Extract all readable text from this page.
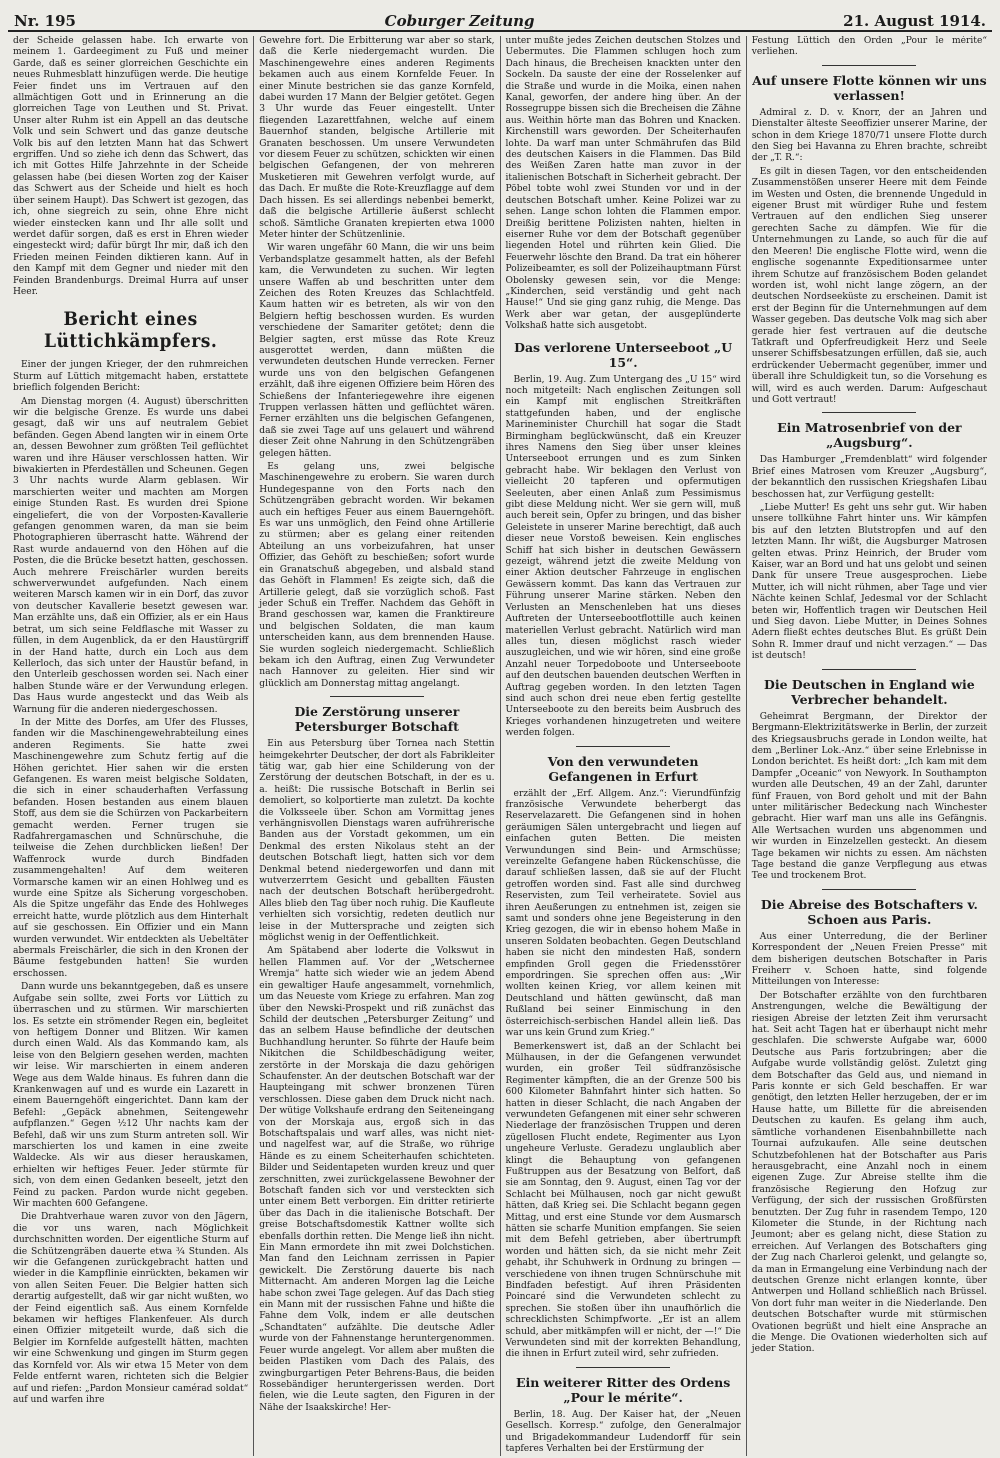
Nr. 195	Coburger Zeitung	21. August 1914.

der Scheide gelassen habe. Ich erwarte von meinem 1. Gardeegiment zu Fuß und meiner Garde, daß es seiner glorreichen Geschichte ein neues Ruhmesblatt hinzufügen werde. Die heutige Feier findet uns im Vertrauen auf den allmächtigen Gott und in Erinnerung an die glorreichen Tage von Leuthen und St. Privat. Unser alter Ruhm ist ein Appell an das deutsche Volk und sein Schwert und das ganze deutsche Volk bis auf den letzten Mann hat das Schwert ergriffen. Und so ziehe ich denn das Schwert, das ich mit Gottes Hilfe Jahrzehnte in der Scheide gelassen habe (bei diesen Worten zog der Kaiser das Schwert aus der Scheide und hielt es hoch über seinem Haupt). Das Schwert ist gezogen, das ich, ohne siegreich zu sein, ohne Ehre nicht wieder einstecken kann und Ihr alle sollt und werdet dafür sorgen, daß es erst in Ehren wieder eingesteckt wird; dafür bürgt Ihr mir, daß ich den Frieden meinen Feinden diktieren kann. Auf in den Kampf mit dem Gegner und nieder mit den Feinden Brandenburgs. Dreimal Hurra auf unser Heer.

Bericht eines Lüttichkämpfers.

Einer der jungen Krieger, der den ruhmreichen Sturm auf Lüttich mitgemacht haben, erstattete brieflich folgenden Bericht:

Am Dienstag morgen (4. August) überschritten wir die belgische Grenze. Es wurde uns dabei gesagt, daß wir uns auf neutralem Gebiet befänden. Gegen Abend langten wir in einem Orte an, dessen Bewohner zum größten Teil geflüchtet waren und ihre Häuser verschlossen hatten. Wir biwakierten in Pferdeställen und Scheunen. Gegen 3 Uhr nachts wurde Alarm geblasen. Wir marschierten weiter und machten am Morgen einige Stunden Rast. Es wurden drei Spione eingeliefert, die von der Vorposten-Kavallerie gefangen genommen waren, da man sie beim Photographieren überrascht hatte. Während der Rast wurde andauernd von den Höhen auf die Posten, die die Brücke besetzt hatten, geschossen. Auch mehrere Freischärler wurden bereits schwerverwundet aufgefunden. Nach einem weiteren Marsch kamen wir in ein Dorf, das zuvor von deutscher Kavallerie besetzt gewesen war. Man erzählte uns, daß ein Offizier, als er ein Haus betrat, um sich seine Feldflasche mit Wasser zu füllen, in dem Augenblick, da er den Haustürgriff in der Hand hatte, durch ein Loch aus dem Kellerloch, das sich unter der Haustür befand, in den Unterleib geschossen worden sei. Nach einer halben Stunde wäre er der Verwundung erlegen. Das Haus wurde angesteckt und das Weib als Warnung für die anderen niedergeschossen.

In der Mitte des Dorfes, am Ufer des Flusses, fanden wir die Maschinengewehrabteilung eines anderen Regiments. Sie hatte zwei Maschinengewehre zum Schutz fertig auf die Höhen gerichtet. Hier sahen wir die ersten Gefangenen. Es waren meist belgische Soldaten, die sich in einer schauderhaften Verfassung befanden. Hosen bestanden aus einem blauen Stoff, aus dem sie die Schürzen von Packarbeitern gemacht werden. Ferner trugen sie Radfahrergamaschen und Schnürschuhe, die teilweise die Zehen durchblicken ließen! Der Waffenrock wurde durch Bindfaden zusammengehalten! Auf dem weiteren Vormarsche kamen wir an einen Hohlweg und es wurde eine Spitze als Sicherung vorgeschoben. Als die Spitze ungefähr das Ende des Hohlweges erreicht hatte, wurde plötzlich aus dem Hinterhalt auf sie geschossen. Ein Offizier und ein Mann wurden verwundet. Wir entdeckten als Uebeltäter abermals Freischärler, die sich in den Kronen der Bäume festgebunden hatten! Sie wurden erschossen.

Dann wurde uns bekanntgegeben, daß es unsere Aufgabe sein sollte, zwei Forts vor Lüttich zu überraschen und zu stürmen. Wir marschierten los. Es setzte ein strömender Regen ein, begleitet von heftigem Donner und Blitzen. Wir kamen durch einen Wald. Als das Kommando kam, als leise von den Belgiern gesehen werden, machten wir leise. Wir marschierten in einem anderen Wege aus dem Walde hinaus. Es fuhren dann die Krankenwagen auf und es wurde ein Lazarett in einem Bauerngehöft eingerichtet. Dann kam der Befehl: „Gepäck abnehmen, Seitengewehr aufpflanzen.“ Gegen ½12 Uhr nachts kam der Befehl, daß wir uns zum Sturm antreten soll. Wir marschierten los und kamen in eine zweite Waldecke. Als wir aus dieser herauskamen, erhielten wir heftiges Feuer. Jeder stürmte für sich, von dem einen Gedanken beseelt, jetzt den Feind zu packen. Pardon wurde nicht gegeben. Wir machten 600 Gefangene.

Die Drahtverhaue waren zuvor von den Jägern, die vor uns waren, nach Möglichkeit durchschnitten worden. Der eigentliche Sturm auf die Schützengräben dauerte etwa ¾ Stunden. Als wir die Gefangenen zurückgebracht hatten und wieder in die Kampflinie einrückten, bekamen wir von allen Seiten Feuer. Die Belgier hatten sich derartig aufgestellt, daß wir gar nicht wußten, wo der Feind eigentlich saß. Aus einem Kornfelde bekamen wir heftiges Flankenfeuer. Als durch einen Offizier mitgeteilt wurde, daß sich die Belgier im Kornfelde aufgestellt hätten, machten wir eine Schwenkung und gingen im Sturm gegen das Kornfeld vor. Als wir etwa 15 Meter von dem Felde entfernt waren, richteten sich die Belgier auf und riefen: „Pardon Monsieur camérad soldat“ auf und warfen ihre

Gewehre fort. Die Erbitterung war aber so stark, daß die Kerle niedergemacht wurden. Die Maschinengewehre eines anderen Regiments bekamen auch aus einem Kornfelde Feuer. In einer Minute bestrichen sie das ganze Kornfeld, dabei wurden 17 Mann der Belgier getötet. Gegen 3 Uhr wurde das Feuer eingestellt. Unter fliegenden Lazarettfahnen, welche auf einem Bauernhof standen, belgische Artillerie mit Granaten beschossen. Um unsere Verwundeten vor diesem Feuer zu schützen, schickten wir einen belgischen Gefangenen, der von mehreren Musketieren mit Gewehren verfolgt wurde, auf das Dach. Er mußte die Rote-Kreuzflagge auf dem Dach hissen. Es sei allerdings nebenbei bemerkt, daß die belgische Artillerie äußerst schlecht schoß. Sämtliche Granaten krepierten etwa 1000 Meter hinter der Schützenlinie.

Wir waren ungefähr 60 Mann, die wir uns beim Verbandsplatze gesammelt hatten, als der Befehl kam, die Verwundeten zu suchen. Wir legten unsere Waffen ab und beschritten unter dem Zeichen des Roten Kreuzes das Schlachtfeld. Kaum hatten wir es betreten, als wir von den Belgiern heftig beschossen wurden. Es wurden verschiedene der Samariter getötet; denn die Belgier sagten, erst müsse das Rote Kreuz ausgerottet werden, dann müßten die verwundeten deutschen Hunde verrecken. Ferner wurde uns von den belgischen Gefangenen erzählt, daß ihre eigenen Offiziere beim Hören des Schießens der Infanteriegewehre ihre eigenen Truppen verlassen hätten und geflüchtet wären. Ferner erzählten uns die belgischen Gefangenen, daß sie zwei Tage auf uns gelauert und während dieser Zeit ohne Nahrung in den Schützengräben gelegen hätten.

Es gelang uns, zwei belgische Maschinengewehre zu erobern. Sie waren durch Hundegespanne von den Forts nach den Schützengräben gebracht worden. Wir bekamen auch ein heftiges Feuer aus einem Bauerngehöft. Es war uns unmöglich, den Feind ohne Artillerie zu stürmen; aber es gelang einer reitenden Abteilung an uns vorbeizufahren, hat unser Offizier, das Gehöft zu beschießen; sofort wurde ein Granatschuß abgegeben, und alsbald stand das Gehöft in Flammen! Es zeigte sich, daß die Artillerie gelegt, daß sie vorzüglich schoß. Fast jeder Schuß ein Treffer. Nachdem das Gehöft in Brand geschossen war, kamen die Franktireure und belgischen Soldaten, die man kaum unterscheiden kann, aus dem brennenden Hause. Sie wurden sogleich niedergemacht. Schließlich bekam ich den Auftrag, einen Zug Verwundeter nach Hannover zu geleiten. Hier sind wir glücklich am Donnerstag mittag angelangt.

Die Zerstörung unserer Petersburger Botschaft

Ein aus Petersburg über Tornea nach Stettin heimgekehrter Deutscher, der dort als Fabrikleiter tätig war, gab hier eine Schilderung von der Zerstörung der deutschen Botschaft, in der es u. a. heißt: Die russische Botschaft in Berlin sei demoliert, so kolportierte man zuletzt. Da kochte die Volksseele über. Schon am Vormittag jenes verhängnisvollen Dienstags waren aufrührerische Banden aus der Vorstadt gekommen, um ein Denkmal des ersten Nikolaus steht an der deutschen Botschaft liegt, hatten sich vor dem Denkmal betend niedergeworfen und dann mit wutverzerrtem Gesicht und geballten Fäusten nach der deutschen Botschaft herübergedroht. Alles blieb den Tag über noch ruhig. Die Kaufleute verhielten sich vorsichtig, redeten deutlich nur leise in der Muttersprache und zeigten sich möglichst wenig in der Oeffentlichkeit.

Am Spätabend aber loderte die Volkswut in hellen Flammen auf. Vor der „Wetschernee Wremja“ hatte sich wieder wie an jedem Abend ein gewaltiger Haufe angesammelt, vornehmlich, um das Neueste vom Kriege zu erfahren. Man zog über den Newski-Prospekt und riß zunächst das Schild der deutschen „Petersburger Zeitung“ und das an selbem Hause befindliche der deutschen Buchhandlung herunter. So führte der Haufe beim Nikitchen die Schildbeschädigung weiter, zerstörte in der Morskaja die dazu gehörigen Schaufenster. An der deutschen Botschaft war der Haupteingang mit schwer bronzenen Türen verschlossen. Diese gaben dem Druck nicht nach. Der wütige Volkshaufe erdrang den Seiteneingang von der Morskaja aus, ergoß sich in das Botschaftspalais und warf alles, was nicht niet- und nagelfest war, auf die Straße, wo rührige Hände es zu einem Scheiterhaufen schichteten. Bilder und Seidentapeten wurden kreuz und quer zerschnitten, zwei zurückgelassene Bewohner der Botschaft fanden sich vor und versteckten sich unter einem Bett verborgen. Ein dritter retirierte über das Dach in die italienische Botschaft. Der greise Botschaftsdomestik Kattner wollte sich ebenfalls dorthin retten. Die Menge ließ ihn nicht. Ein Mann ermordete ihn mit zwei Dolchstichen. Man fand den Leichnam zerrissen in Papier gewickelt. Die Zerstörung dauerte bis nach Mitternacht. Am anderen Morgen lag die Leiche habe schon zwei Tage gelegen. Auf das Dach stieg ein Mann mit der russischen Fahne und hißte die Fahne dem Volk, indem er alle deutschen „Schandtaten“ aufzählte. Die deutsche Adler wurde von der Fahnenstange heruntergenommen. Feuer wurde angelegt. Vor allem aber mußten die beiden Plastiken vom Dach des Palais, des zwingburgartigen Peter Behrens-Baus, die beiden Rossebändiger heruntergerissen werden. Dort fielen, wie die Leute sagten, den Figuren in der Nähe der Isaakskirche! Her-

unter mußte jedes Zeichen deutschen Stolzes und Uebermutes. Die Flammen schlugen hoch zum Dach hinaus, die Brecheisen knackten unter den Sockeln. Da sauste der eine der Rosselenker auf die Straße und wurde in die Moika, einen nahen Kanal, geworfen, der andere hing über. An der Rossegruppe bissen sich die Brecheisen die Zähne aus. Weithin hörte man das Bohren und Knacken. Kirchenstill wars geworden. Der Scheiterhaufen lohte. Da warf man unter Schmährufen das Bild des deutschen Kaisers in die Flammen. Das Bild des Weißen Zaren hatte man zuvor in der italienischen Botschaft in Sicherheit gebracht. Der Pöbel tobte wohl zwei Stunden vor und in der deutschen Botschaft umher. Keine Polizei war zu sehen. Lange schon lohten die Flammen empor. Dreißig berittene Polizisten nahten, hielten in eiserner Ruhe vor dem der Botschaft gegenüber liegenden Hotel und rührten kein Glied. Die Feuerwehr löschte den Brand. Da trat ein höherer Polizeibeamter, es soll der Polizeihauptmann Fürst Obolensky gewesen sein, vor die Menge: „Kinderchen, seid verständig und geht nach Hause!“ Und sie ging ganz ruhig, die Menge. Das Werk aber war getan, der ausgeplünderte Volkshaß hatte sich ausgetobt.

Das verlorene Unterseeboot „U 15“.

Berlin, 19. Aug. Zum Untergang des „U 15“ wird noch mitgeteilt: Nach englischen Zeitungen soll ein Kampf mit englischen Streitkräften stattgefunden haben, und der englische Marineminister Churchill hat sogar die Stadt Birmingham beglückwünscht, daß ein Kreuzer ihres Namens den Sieg über unser kleines Unterseeboot errungen und es zum Sinken gebracht habe. Wir beklagen den Verlust von vielleicht 20 tapferen und opfermutigen Seeleuten, aber einen Anlaß zum Pessimismus gibt diese Meldung nicht. Wer sie gern will, muß auch bereit sein, Opfer zu bringen, und das bisher Geleistete in unserer Marine berechtigt, daß auch dieser neue Vorstoß beweisen. Kein englisches Schiff hat sich bisher in deutschen Gewässern gezeigt, während jetzt die zweite Meldung von einer Aktion deutscher Fahrzeuge in englischen Gewässern kommt. Das kann das Vertrauen zur Führung unserer Marine stärken. Neben den Verlusten an Menschenleben hat uns dieses Auftreten der Unterseebootflottille auch keinen materiellen Verlust gebracht. Natürlich wird man alles tun, diesen möglichst rasch wieder auszugleichen, und wie wir hören, sind eine große Anzahl neuer Torpedoboote und Unterseeboote auf den deutschen bauenden deutschen Werften in Auftrag gegeben worden. In den letzten Tagen sind auch schon drei neue eben fertig gestellte Unterseeboote zu den bereits beim Ausbruch des Krieges vorhandenen hinzugetreten und weitere werden folgen.

Von den verwundeten Gefangenen in Erfurt

erzählt der „Erf. Allgem. Anz.“: Vierundfünfzig französische Verwundete beherbergt das Reservelazarett. Die Gefangenen sind in hohen geräumigen Sälen untergebracht und liegen auf einfachen guten Betten. Die meisten Verwundungen sind Bein- und Armschüsse; vereinzelte Gefangene haben Rückenschüsse, die darauf schließen lassen, daß sie auf der Flucht getroffen worden sind. Fast alle sind durchweg Reservisten, zum Teil verheiratete. Soviel aus ihren Aeußerungen zu entnehmen ist, zeigen sie samt und sonders ohne jene Begeisterung in den Krieg gezogen, die wir in ebenso hohem Maße in unseren Soldaten beobachten. Gegen Deutschland haben sie nicht den mindesten Haß, sondern empfinden Groll gegen die Friedensstörer empordringen. Sie sprechen offen aus: „Wir wollten keinen Krieg, vor allem keinen mit Deutschland und hätten gewünscht, daß man Rußland bei seiner Einmischung in den österreichisch-serbischen Handel allein ließ. Das war uns kein Grund zum Krieg.“

Bemerkenswert ist, daß an der Schlacht bei Mülhausen, in der die Gefangenen verwundet wurden, ein großer Teil südfranzösische Regimenter kämpften, die an der Grenze 500 bis 600 Kilometer Bahnfahrt hinter sich hatten. So hatten in dieser Schlacht, die nach Angaben der verwundeten Gefangenen mit einer sehr schweren Niederlage der französischen Truppen und deren zügellosen Flucht endete, Regimenter aus Lyon ungeheure Verluste. Geradezu unglaublich aber klingt die Behauptung von gefangenen Fußtruppen aus der Besatzung von Belfort, daß sie am Sonntag, den 9. August, einen Tag vor der Schlacht bei Mülhausen, noch gar nicht gewußt hätten, daß Krieg sei. Die Schlacht begann gegen Mittag, und erst eine Stunde vor dem Ausmarsch hätten sie scharfe Munition empfangen. Sie seien mit dem Befehl getrieben, aber übertrumpft worden und hätten sich, da sie nicht mehr Zeit gehabt, ihr Schuhwerk in Ordnung zu bringen — verschiedene von ihnen trugen Schnürschuhe mit Bindfaden befestigt. Auf ihren Präsidenten Poincaré sind die Verwundeten schlecht zu sprechen. Sie stoßen über ihn unaufhörlich die schrecklichsten Schimpfworte. „Er ist an allem schuld, aber mitkämpfen will er nicht, der —!“ Die Verwundeten sind mit der korrekten Behandlung, die ihnen in Erfurt zuteil wird, sehr zufrieden.

Ein weiterer Ritter des Ordens „Pour le mérite“.

Berlin, 18. Aug. Der Kaiser hat, der „Neuen Gesellsch. Korresp.“ zufolge, den Generalmajor und Brigadekommandeur Ludendorff für sein tapferes Verhalten bei der Erstürmung der

Festung Lüttich den Orden „Pour le mérite“ verliehen.

Auf unsere Flotte können wir uns verlassen!

Admiral z. D. v. Knorr, der an Jahren und Dienstalter älteste Seeoffizier unserer Marine, der schon in dem Kriege 1870/71 unsere Flotte durch den Sieg bei Havanna zu Ehren brachte, schreibt der „T. R.“:

Es gilt in diesen Tagen, vor den entscheidenden Zusammenstößen unserer Heere mit dem Feinde im Westen und Osten, die brennende Ungeduld in eigener Brust mit würdiger Ruhe und festem Vertrauen auf den endlichen Sieg unserer gerechten Sache zu dämpfen. Wie für die Unternehmungen zu Lande, so auch für die auf den Meeren! Die englische Flotte wird, wenn die englische sogenannte Expeditionsarmee unter ihrem Schutze auf französischem Boden gelandet worden ist, wohl nicht lange zögern, an der deutschen Nordseeküste zu erscheinen. Damit ist erst der Beginn für die Unternehmungen auf dem Wasser gegeben. Das deutsche Volk mag sich aber gerade hier fest vertrauen auf die deutsche Tatkraft und Opferfreudigkeit Herz und Seele unserer Schiffsbesatzungen erfüllen, daß sie, auch erdrückender Uebermacht gegenüber, immer und überall ihre Schuldigkeit tun, so die Vorsehung es will, wird es auch werden. Darum: Aufgeschaut und Gott vertraut!

Ein Matrosenbrief von der „Augsburg“.

Das Hamburger „Fremdenblatt“ wird folgender Brief eines Matrosen vom Kreuzer „Augsburg“, der bekanntlich den russischen Kriegshafen Libau beschossen hat, zur Verfügung gestellt:

„Liebe Mutter! Es geht uns sehr gut. Wir haben unsere tollkühne Fahrt hinter uns. Wir kämpfen bis auf den letzten Blutstropfen und auf den letzten Mann. Ihr wißt, die Augsburger Matrosen gelten etwas. Prinz Heinrich, der Bruder vom Kaiser, war an Bord und hat uns gelobt und seinen Dank für unsere Treue ausgesprochen. Liebe Mutter, ich will nicht rühmen, aber Tage und vier Nächte keinen Schlaf, Jedesmal vor der Schlacht beten wir, Hoffentlich tragen wir Deutschen Heil und Sieg davon. Liebe Mutter, in Deines Sohnes Adern fließt echtes deutsches Blut. Es grüßt Dein Sohn R. Immer drauf und nicht verzagen.“ — Das ist deutsch!

Die Deutschen in England wie Verbrecher behandelt.

Geheimrat Bergmann, der Direktor der Bergmann-Elektrizitätswerke in Berlin, der zurzeit des Kriegsausbruchs gerade in London weilte, hat dem „Berliner Lok.-Anz.“ über seine Erlebnisse in London berichtet. Es heißt dort: „Ich kam mit dem Dampfer „Oceanic“ von Newyork. In Southampton wurden alle Deutschen, 49 an der Zahl, darunter fünf Frauen, von Bord geholt und mit der Bahn unter militärischer Bedeckung nach Winchester gebracht. Hier warf man uns alle ins Gefängnis. Alle Wertsachen wurden uns abgenommen und wir wurden in Einzelzellen gesteckt. An diesem Tage bekamen wir nichts zu essen. Am nächsten Tage bestand die ganze Verpflegung aus etwas Tee und trockenem Brot.

Die Abreise des Botschafters v. Schoen aus Paris.

Aus einer Unterredung, die der Berliner Korrespondent der „Neuen Freien Presse“ mit dem bisherigen deutschen Botschafter in Paris Freiherr v. Schoen hatte, sind folgende Mitteilungen von Interesse:

Der Botschafter erzählte von den furchtbaren Anstrengungen, welche die Bewältigung der riesigen Abreise der letzten Zeit ihm verursacht hat. Seit acht Tagen hat er überhaupt nicht mehr geschlafen. Die schwerste Aufgabe war, 6000 Deutsche aus Paris fortzubringen; aber die Aufgabe wurde vollständig gelöst. Zuletzt ging dem Botschafter das Geld aus, und niemand in Paris konnte er sich Geld beschaffen. Er war genötigt, den letzten Heller herzugeben, der er im Hause hatte, um Billette für die abreisenden Deutschen zu kaufen. Es gelang ihm auch, sämtliche vorhandenen Eisenbahnbillette nach Tournai aufzukaufen. Alle seine deutschen Schutzbefohlenen hat der Botschafter aus Paris herausgebracht, eine Anzahl noch in einem eigenen Zuge. Zur Abreise stellte ihm die französische Regierung den Hofzug zur Verfügung, der sich der russischen Großfürsten benutzten. Der Zug fuhr in rasendem Tempo, 120 Kilometer die Stunde, in der Richtung nach Jeumont; aber es gelang nicht, diese Station zu erreichen. Auf Verlangen des Botschafters ging der Zug nach Charleroi gelenkt, und gelangte so, da man in Ermangelung eine Verbindung nach der deutschen Grenze nicht erlangen konnte, über Antwerpen und Holland schließlich nach Brüssel. Von dort fuhr man weiter in die Niederlande. Den deutschen Botschafter wurde mit stürmischen Ovationen begrüßt und hielt eine Ansprache an die Menge. Die Ovationen wiederholten sich auf jeder Station.
